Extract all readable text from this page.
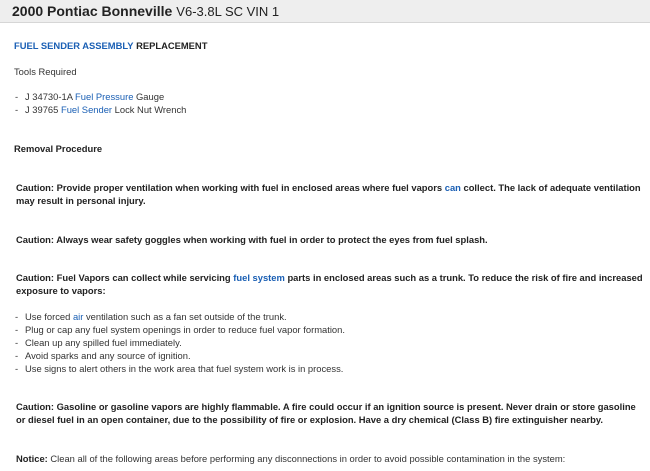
2000 Pontiac Bonneville V6-3.8L SC VIN 1
FUEL SENDER ASSEMBLY REPLACEMENT
Tools Required
- J 34730-1A Fuel Pressure Gauge
- J 39765 Fuel Sender Lock Nut Wrench
Removal Procedure
Caution: Provide proper ventilation when working with fuel in enclosed areas where fuel vapors can collect. The lack of adequate ventilation may result in personal injury.
Caution: Always wear safety goggles when working with fuel in order to protect the eyes from fuel splash.
Caution: Fuel Vapors can collect while servicing fuel system parts in enclosed areas such as a trunk. To reduce the risk of fire and increased exposure to vapors:
- Use forced air ventilation such as a fan set outside of the trunk.
- Plug or cap any fuel system openings in order to reduce fuel vapor formation.
- Clean up any spilled fuel immediately.
- Avoid sparks and any source of ignition.
- Use signs to alert others in the work area that fuel system work is in process.
Caution: Gasoline or gasoline vapors are highly flammable. A fire could occur if an ignition source is present. Never drain or store gasoline or diesel fuel in an open container, due to the possibility of fire or explosion. Have a dry chemical (Class B) fire extinguisher nearby.
Notice: Clean all of the following areas before performing any disconnections in order to avoid possible contamination in the system:
